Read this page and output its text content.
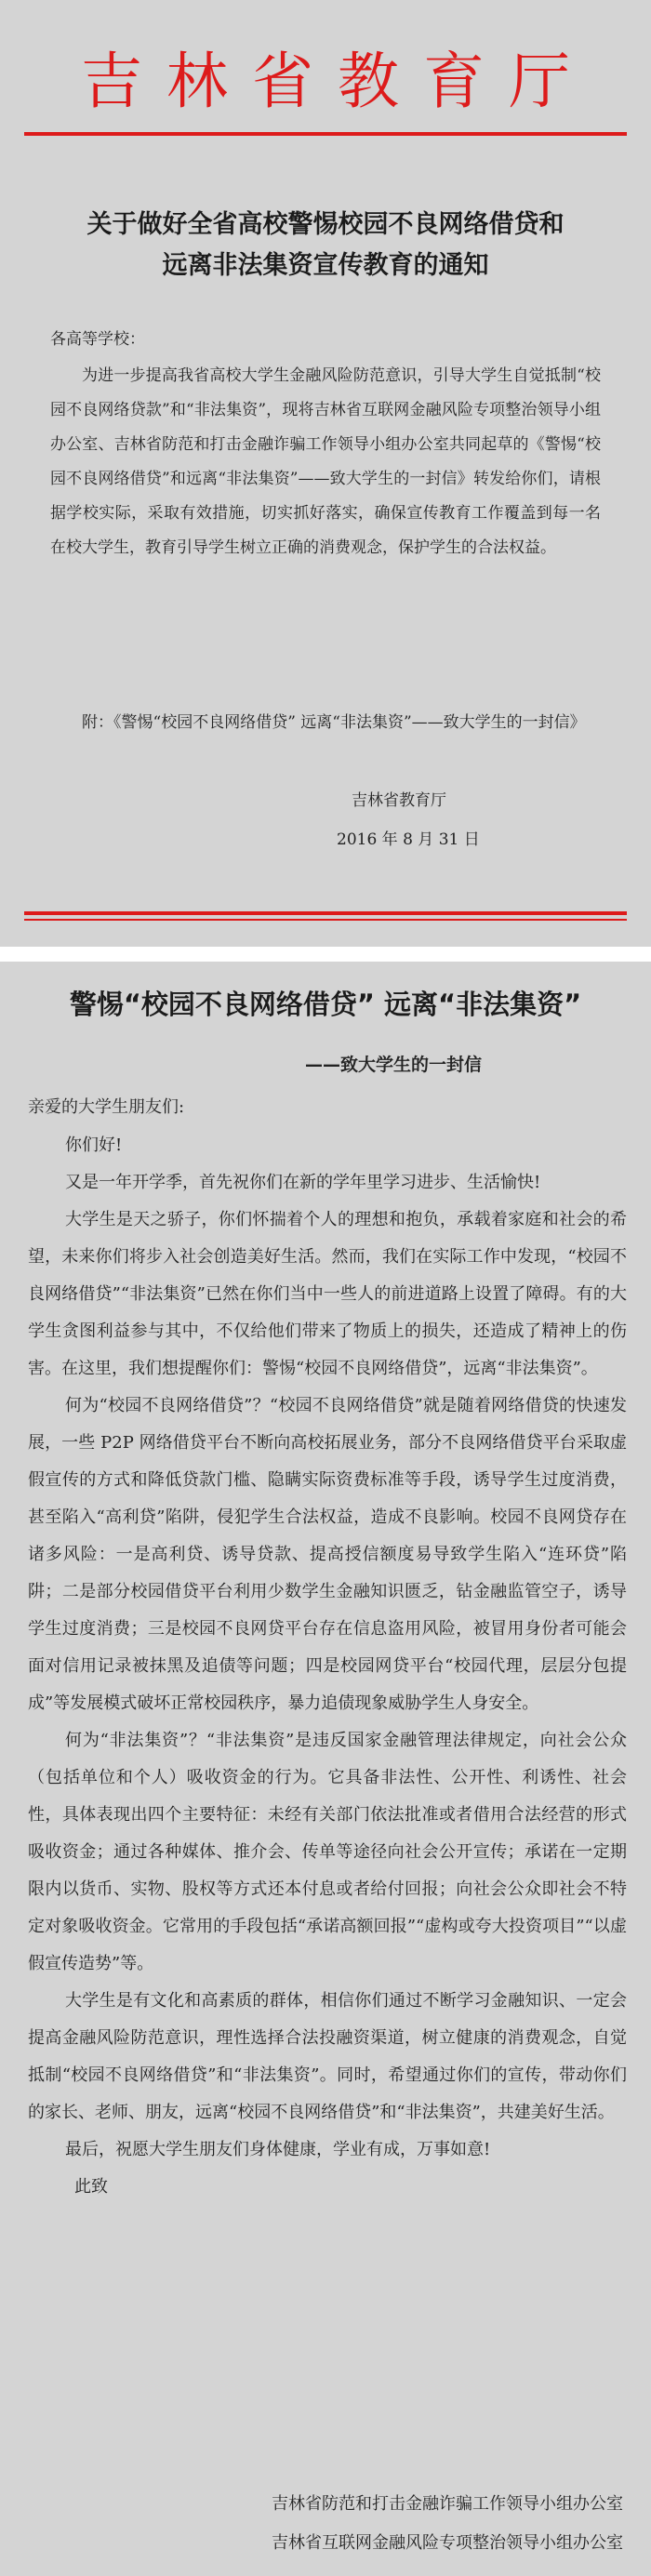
吉林省教育厅
关于做好全省高校警惕校园不良网络借贷和
远离非法集资宣传教育的通知
各高等学校：
为进一步提高我省高校大学生金融风险防范意识，引导大学生自觉抵制“校园不良网络贷款”和“非法集资”，现将吉林省互联网金融风险专项整治领导小组办公室、吉林省防范和打击金融诈骗工作领导小组办公室共同起草的《警惕“校园不良网络借贷”和远离“非法集资”——致大学生的一封信》转发给你们，请根据学校实际，采取有效措施，切实抓好落实，确保宣传教育工作覆盖到每一名在校大学生，教育引导学生树立正确的消费观念，保护学生的合法权益。
附：《警惕“校园不良网络借贷” 远离“非法集资”——致大学生的一封信》
吉林省教育厅
2016 年 8 月 31 日
警惕“校园不良网络借贷” 远离“非法集资”
——致大学生的一封信
亲爱的大学生朋友们:

你们好!

又是一年开学季，首先祝你们在新的学年里学习进步、生活愉快!

大学生是天之骄子，你们怀揣着个人的理想和抱负，承载着家庭和社会的希望，未来你们将步入社会创造美好生活。然而，我们在实际工作中发现，“校园不良网络借贷”“非法集资”已然在你们当中一些人的前进道路上设置了障碍。有的大学生贪图利益参与其中，不仅给他们带来了物质上的损失，还造成了精神上的伤害。在这里，我们想提醒你们：警惕“校园不良网络借贷”，远离“非法集资”。

何为“校园不良网络借贷”？“校园不良网络借贷”就是随着网络借贷的快速发展，一些 P2P 网络借贷平台不断向高校拓展业务，部分不良网络借贷平台采取虚假宣传的方式和降低贷款门槛、隐瞒实际资费标准等手段，诱导学生过度消费，甚至陷入“高利贷”陷阱，侵犯学生合法权益，造成不良影响。校园不良网贷存在诸多风险：一是高利贷、诱导贷款、提高授信额度易导致学生陷入“连环贷”陷阱；二是部分校园借贷平台利用少数学生金融知识匮乏，钻金融监管空子，诱导学生过度消费；三是校园不良网贷平台存在信息盗用风险，被冒用身份者可能会面对信用记录被抹黑及追债等问题；四是校园网贷平台“校园代理，层层分包提成”等发展模式破坏正常校园秩序，暴力追债现象威胁学生人身安全。

何为“非法集资”？“非法集资”是违反国家金融管理法律规定，向社会公众（包括单位和个人）吸收资金的行为。它具备非法性、公开性、利诱性、社会性，具体表现出四个主要特征：未经有关部门依法批准或者借用合法经营的形式吸收资金；通过各种媒体、推介会、传单等途径向社会公开宣传；承诺在一定期限内以货币、实物、股权等方式还本付息或者给付回报；向社会公众即社会不特定对象吸收资金。它常用的手段包括“承诺高额回报”“虚构或夸大投资项目”“以虚假宣传造势”等。

大学生是有文化和高素质的群体，相信你们通过不断学习金融知识、一定会提高金融风险防范意识，理性选择合法投融资渠道，树立健康的消费观念，自觉抵制“校园不良网络借贷”和“非法集资”。同时，希望通过你们的宣传，带动你们的家长、老师、朋友，远离“校园不良网络借贷”和“非法集资”，共建美好生活。

最后，祝愿大学生朋友们身体健康，学业有成，万事如意!

此致

吉林省防范和打击金融诈骗工作领导小组办公室
吉林省互联网金融风险专项整治领导小组办公室
